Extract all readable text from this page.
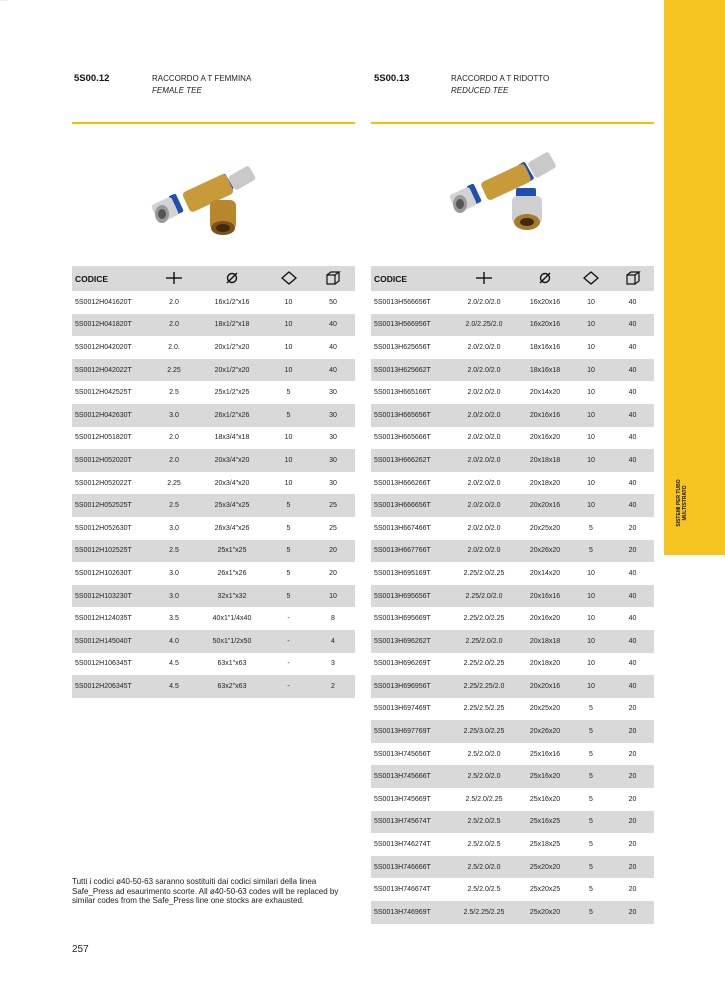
SISTEMI PER TUBO MULTISTRATO
5S00.12	RACCORDO A T FEMMINA
FEMALE TEE
5S00.13	RACCORDO A T RIDOTTO
REDUCED TEE
CODICE				
5S0012H041620T	2.0	16x1/2"x16	10	50
5S0012H041820T	2.0	18x1/2"x18	10	40
5S0012H042020T	2.0.	20x1/2"x20	10	40
5S0012H042022T	2.25	20x1/2"x20	10	40
5S0012H042525T	2.5	25x1/2"x25	5	30
5S0012H042630T	3.0	26x1/2"x26	5	30
5S0012H051820T	2.0	18x3/4"x18	10	30
5S0012H052020T	2.0	20x3/4"x20	10	30
5S0012H052022T	2.25	20x3/4"x20	10	30
5S0012H052525T	2.5	25x3/4"x25	5	25
5S0012H052630T	3.0	26x3/4"x26	5	25
5S0012H102525T	2.5	25x1"x25	5	20
5S0012H102630T	3.0	26x1"x26	5	20
5S0012H103230T	3.0	32x1"x32	5	10
5S0012H124035T	3.5	40x1"1/4x40	-	8
5S0012H145040T	4.0	50x1"1/2x50	-	4
5S0012H106345T	4.5	63x1"x63	-	3
5S0012H206345T	4.5	63x2"x63	-	2
CODICE				
5S0013H566656T	2.0/2.0/2.0	16x20x16	10	40
5S0013H566956T	2.0/2.25/2.0	16x20x16	10	40
5S0013H625656T	2.0/2.0/2.0	18x16x16	10	40
5S0013H625662T	2.0/2.0/2.0	18x16x18	10	40
5S0013H665166T	2.0/2.0/2.0	20x14x20	10	40
5S0013H665656T	2.0/2.0/2.0	20x16x16	10	40
5S0013H665666T	2.0/2.0/2.0	20x16x20	10	40
5S0013H666262T	2.0/2.0/2.0	20x18x18	10	40
5S0013H666266T	2.0/2.0/2.0	20x18x20	10	40
5S0013H666656T	2.0/2.0/2.0	20x20x16	10	40
5S0013H667466T	2.0/2.0/2.0	20x25x20	5	20
5S0013H667766T	2.0/2.0/2.0	20x26x20	5	20
5S0013H695169T	2.25/2.0/2.25	20x14x20	10	40
5S0013H695656T	2.25/2.0/2.0	20x16x16	10	40
5S0013H695669T	2.25/2.0/2.25	20x16x20	10	40
5S0013H696262T	2.25/2.0/2.0	20x18x18	10	40
5S0013H696269T	2.25/2.0/2.25	20x18x20	10	40
5S0013H696956T	2.25/2.25/2.0	20x20x16	10	40
5S0013H697469T	2.25/2.5/2.25	20x25x20	5	20
5S0013H697769T	2.25/3.0/2.25	20x26x20	5	20
5S0013H745656T	2.5/2.0/2.0	25x16x16	5	20
5S0013H745666T	2.5/2.0/2.0	25x16x20	5	20
5S0013H745669T	2.5/2.0/2.25	25x16x20	5	20
5S0013H745674T	2.5/2.0/2.5	25x16x25	5	20
5S0013H746274T	2.5/2.0/2.5	25x18x25	5	20
5S0013H746666T	2.5/2.0/2.0	25x20x20	5	20
5S0013H746674T	2.5/2.0/2.5	25x20x25	5	20
5S0013H746969T	2.5/2.25/2.25	25x20x20	5	20
Tutti i codici ø40-50-63 saranno sostituiti dai codici similari della linea Safe_Press ad esaurimento scorte. All ø40-50-63 codes will be replaced by similar codes from the Safe_Press line one stocks are exhausted.
257
